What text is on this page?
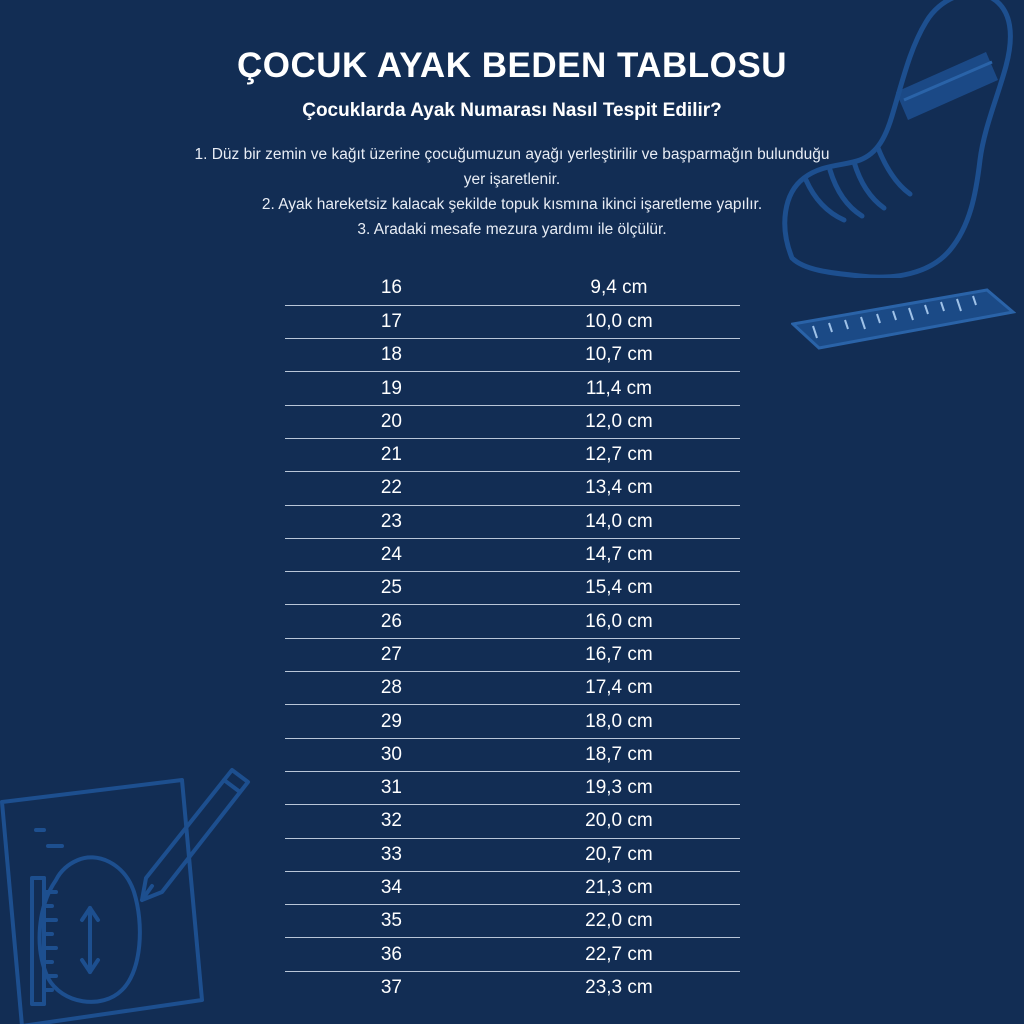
ÇOCUK AYAK BEDEN TABLOSU
Çocuklarda Ayak Numarası Nasıl Tespit Edilir?
1. Düz bir zemin ve kağıt üzerine çocuğumuzun ayağı yerleştirilir ve başparmağın bulunduğu yer işaretlenir.
2. Ayak hareketsiz kalacak şekilde topuk kısmına ikinci işaretleme yapılır.
3. Aradaki mesafe mezura yardımı ile ölçülür.
16	9,4 cm
17	10,0 cm
18	10,7 cm
19	11,4 cm
20	12,0 cm
21	12,7 cm
22	13,4 cm
23	14,0 cm
24	14,7 cm
25	15,4 cm
26	16,0 cm
27	16,7 cm
28	17,4 cm
29	18,0 cm
30	18,7 cm
31	19,3 cm
32	20,0 cm
33	20,7 cm
34	21,3 cm
35	22,0 cm
36	22,7 cm
37	23,3 cm
